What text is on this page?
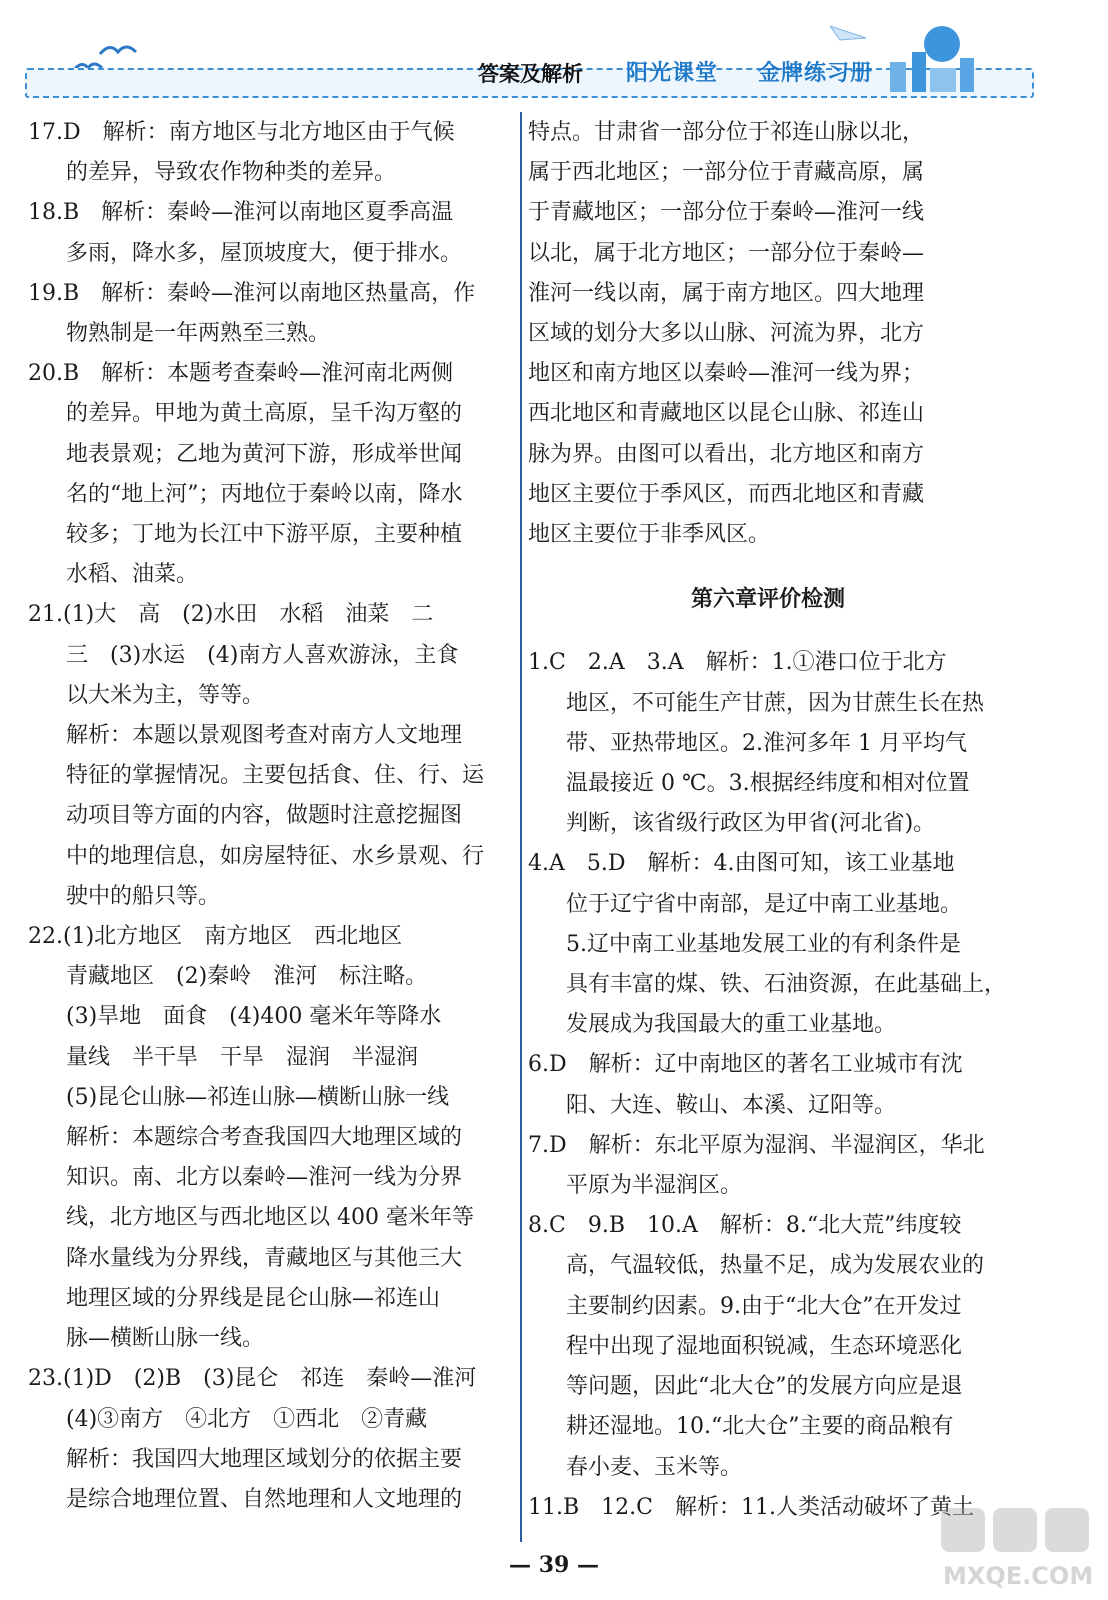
答案及解析 阳光课堂 金牌练习册

17.D　解析：南方地区与北方地区由于气候

的差异，导致农作物种类的差异。

18.B　解析：秦岭—淮河以南地区夏季高温

多雨，降水多，屋顶坡度大，便于排水。

19.B　解析：秦岭—淮河以南地区热量高，作

物熟制是一年两熟至三熟。

20.B　解析：本题考查秦岭—淮河南北两侧

的差异。甲地为黄土高原，呈千沟万壑的

地表景观；乙地为黄河下游，形成举世闻

名的“地上河”；丙地位于秦岭以南，降水

较多；丁地为长江中下游平原，主要种植

水稻、油菜。

21.(1)大　高　(2)水田　水稻　油菜　二

三　(3)水运　(4)南方人喜欢游泳，主食

以大米为主，等等。

解析：本题以景观图考查对南方人文地理

特征的掌握情况。主要包括食、住、行、运

动项目等方面的内容，做题时注意挖掘图

中的地理信息，如房屋特征、水乡景观、行

驶中的船只等。

22.(1)北方地区　南方地区　西北地区

青藏地区　(2)秦岭　淮河　标注略。

(3)旱地　面食　(4)400 毫米年等降水

量线　半干旱　干旱　湿润　半湿润

(5)昆仑山脉—祁连山脉—横断山脉一线

解析：本题综合考查我国四大地理区域的

知识。南、北方以秦岭—淮河一线为分界

线，北方地区与西北地区以 400 毫米年等

降水量线为分界线，青藏地区与其他三大

地理区域的分界线是昆仑山脉—祁连山

脉—横断山脉一线。

23.(1)D　(2)B　(3)昆仑　祁连　秦岭—淮河

(4)③南方　④北方　①西北　②青藏

解析：我国四大地理区域划分的依据主要

是综合地理位置、自然地理和人文地理的

特点。甘肃省一部分位于祁连山脉以北，

属于西北地区；一部分位于青藏高原，属

于青藏地区；一部分位于秦岭—淮河一线

以北，属于北方地区；一部分位于秦岭—

淮河一线以南，属于南方地区。四大地理

区域的划分大多以山脉、河流为界，北方

地区和南方地区以秦岭—淮河一线为界；

西北地区和青藏地区以昆仑山脉、祁连山

脉为界。由图可以看出，北方地区和南方

地区主要位于季风区，而西北地区和青藏

地区主要位于非季风区。

第六章评价检测

1.C　2.A　3.A　解析：1.①港口位于北方

地区，不可能生产甘蔗，因为甘蔗生长在热

带、亚热带地区。2.淮河多年 1 月平均气

温最接近 0 ℃。3.根据经纬度和相对位置

判断，该省级行政区为甲省(河北省)。

4.A　5.D　解析：4.由图可知，该工业基地

位于辽宁省中南部，是辽中南工业基地。

5.辽中南工业基地发展工业的有利条件是

具有丰富的煤、铁、石油资源，在此基础上，

发展成为我国最大的重工业基地。

6.D　解析：辽中南地区的著名工业城市有沈

阳、大连、鞍山、本溪、辽阳等。

7.D　解析：东北平原为湿润、半湿润区，华北

平原为半湿润区。

8.C　9.B　10.A　解析：8.“北大荒”纬度较

高，气温较低，热量不足，成为发展农业的

主要制约因素。9.由于“北大仓”在开发过

程中出现了湿地面积锐减，生态环境恶化

等问题，因此“北大仓”的发展方向应是退

耕还湿地。10.“北大仓”主要的商品粮有

春小麦、玉米等。

11.B　12.C　解析：11.人类活动破坏了黄土

— 39 —	MXQE.COM
